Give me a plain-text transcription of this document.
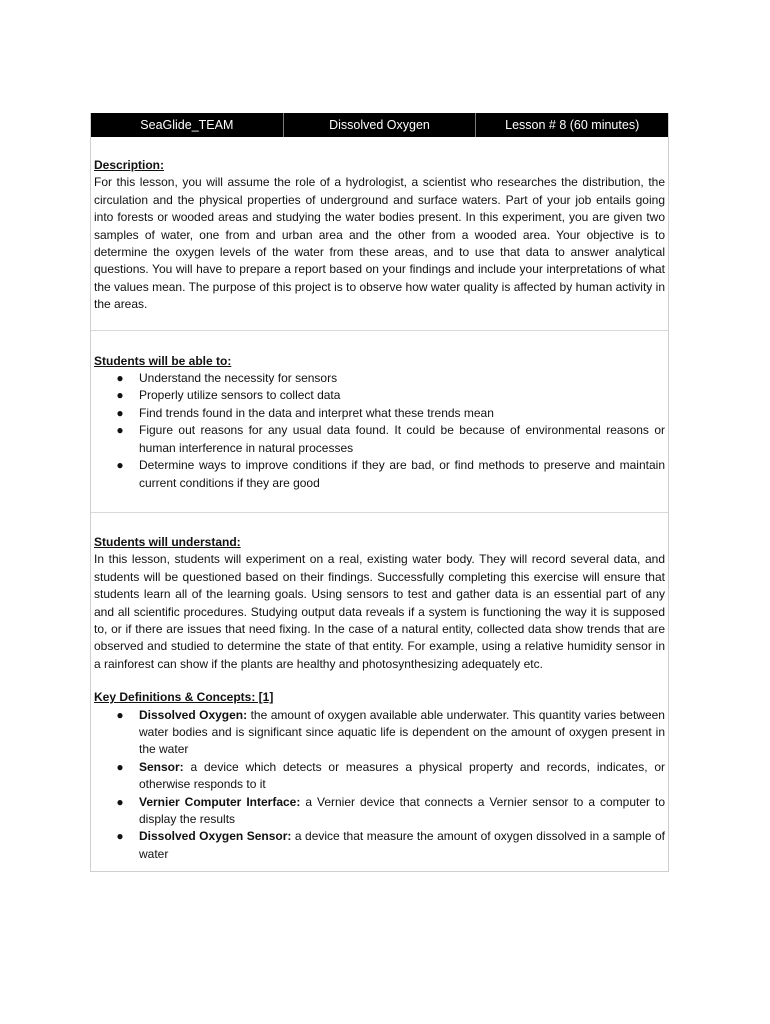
SeaGlide_TEAM	Dissolved Oxygen	Lesson # 8 (60 minutes)
Description:

For this lesson, you will assume the role of a hydrologist, a scientist who researches the distribution, the circulation and the physical properties of underground and surface waters. Part of your job entails going into forests or wooded areas and studying the water bodies present. In this experiment, you are given two samples of water, one from and urban area and the other from a wooded area. Your objective is to determine the oxygen levels of the water from these areas, and to use that data to answer analytical questions. You will have to prepare a report based on your findings and include your interpretations of what the values mean. The purpose of this project is to observe how water quality is affected by human activity in the areas.

Students will be able to:
● Understand the necessity for sensors
● Properly utilize sensors to collect data
● Find trends found in the data and interpret what these trends mean
● Figure out reasons for any usual data found. It could be because of environmental reasons or human interference in natural processes
● Determine ways to improve conditions if they are bad, or find methods to preserve and maintain current conditions if they are good
Students will understand:

In this lesson, students will experiment on a real, existing water body. They will record several data, and students will be questioned based on their findings. Successfully completing this exercise will ensure that students learn all of the learning goals. Using sensors to test and gather data is an essential part of any and all scientific procedures. Studying output data reveals if a system is functioning the way it is supposed to, or if there are issues that need fixing. In the case of a natural entity, collected data show trends that are observed and studied to determine the state of that entity. For example, using a relative humidity sensor in a rainforest can show if the plants are healthy and photosynthesizing adequately etc.

Key Definitions & Concepts: [1]
● Dissolved Oxygen: the amount of oxygen available able underwater. This quantity varies between water bodies and is significant since aquatic life is dependent on the amount of oxygen present in the water
● Sensor: a device which detects or measures a physical property and records, indicates, or otherwise responds to it
● Vernier Computer Interface: a Vernier device that connects a Vernier sensor to a computer to display the results
● Dissolved Oxygen Sensor: a device that measure the amount of oxygen dissolved in a sample of water
